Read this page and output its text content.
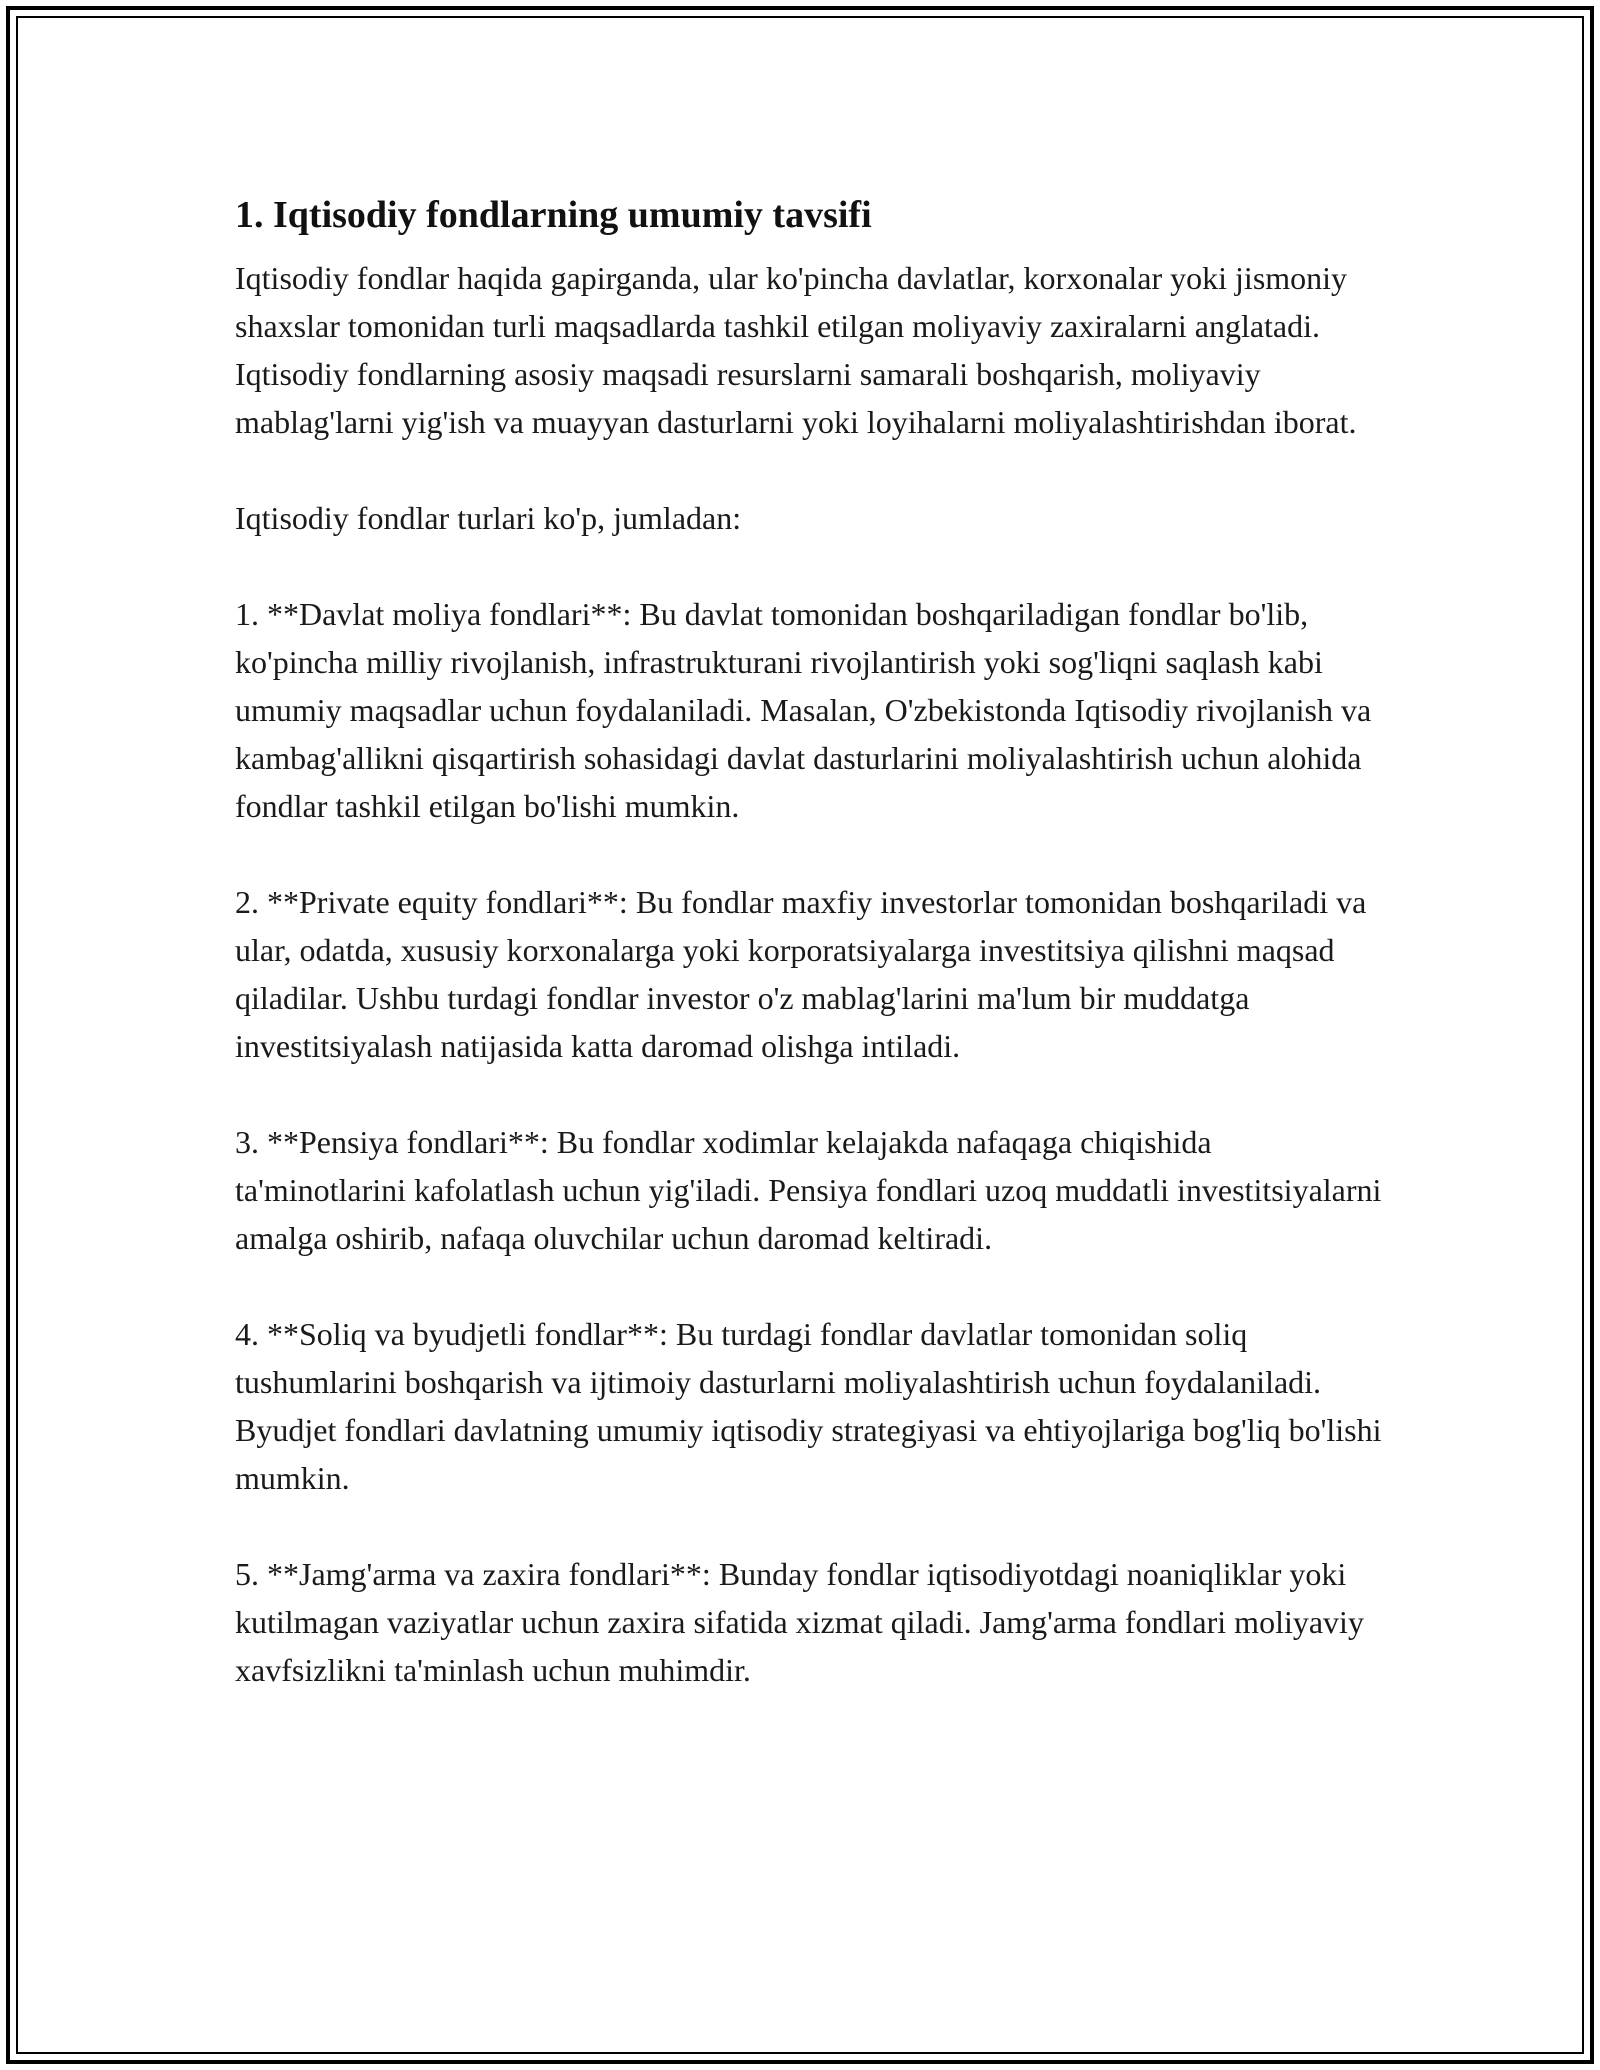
1. Iqtisodiy fondlarning umumiy tavsifi

Iqtisodiy fondlar haqida gapirganda, ular ko'pincha davlatlar, korxonalar yoki jismoniy shaxslar tomonidan turli maqsadlarda tashkil etilgan moliyaviy zaxiralarni anglatadi. Iqtisodiy fondlarning asosiy maqsadi resurslarni samarali boshqarish, moliyaviy mablag'larni yig'ish va muayyan dasturlarni yoki loyihalarni moliyalashtirishdan iborat.

Iqtisodiy fondlar turlari ko'p, jumladan:

1. **Davlat moliya fondlari**: Bu davlat tomonidan boshqariladigan fondlar bo'lib, ko'pincha milliy rivojlanish, infrastrukturani rivojlantirish yoki sog'liqni saqlash kabi umumiy maqsadlar uchun foydalaniladi. Masalan, O'zbekistonda Iqtisodiy rivojlanish va kambag'allikni qisqartirish sohasidagi davlat dasturlarini moliyalashtirish uchun alohida fondlar tashkil etilgan bo'lishi mumkin.

2. **Private equity fondlari**: Bu fondlar maxfiy investorlar tomonidan boshqariladi va ular, odatda, xususiy korxonalarga yoki korporatsiyalarga investitsiya qilishni maqsad qiladilar. Ushbu turdagi fondlar investor o'z mablag'larini ma'lum bir muddatga investitsiyalash natijasida katta daromad olishga intiladi.

3. **Pensiya fondlari**: Bu fondlar xodimlar kelajakda nafaqaga chiqishida ta'minotlarini kafolatlash uchun yig'iladi. Pensiya fondlari uzoq muddatli investitsiyalarni amalga oshirib, nafaqa oluvchilar uchun daromad keltiradi.

4. **Soliq va byudjetli fondlar**: Bu turdagi fondlar davlatlar tomonidan soliq tushumlarini boshqarish va ijtimoiy dasturlarni moliyalashtirish uchun foydalaniladi. Byudjet fondlari davlatning umumiy iqtisodiy strategiyasi va ehtiyojlariga bog'liq bo'lishi mumkin.

5. **Jamg'arma va zaxira fondlari**: Bunday fondlar iqtisodiyotdagi noaniqliklar yoki kutilmagan vaziyatlar uchun zaxira sifatida xizmat qiladi. Jamg'arma fondlari moliyaviy xavfsizlikni ta'minlash uchun muhimdir.
